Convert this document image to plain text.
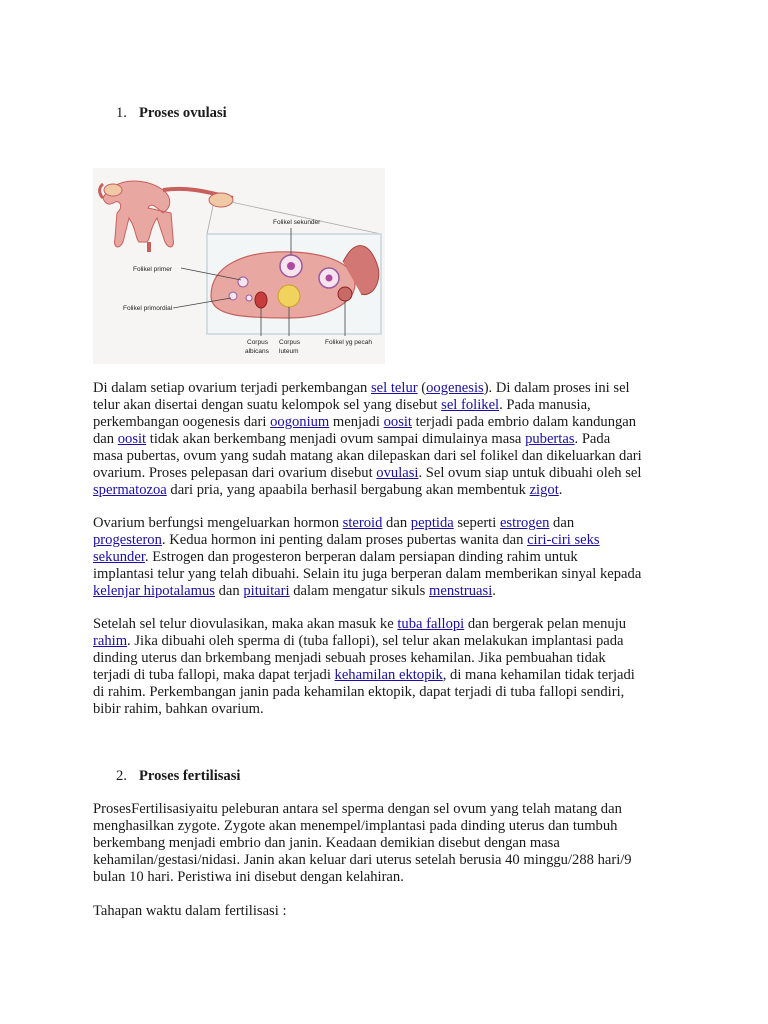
1. Proses ovulasi
Folikel sekunder
Folikel primer
Folikel primordial
Corpus
albicans
Corpus
luteum
Folikel yg pecah
Di dalam setiap ovarium terjadi perkembangan sel telur (oogenesis). Di dalam proses ini sel
telur akan disertai dengan suatu kelompok sel yang disebut sel folikel. Pada manusia,
perkembangan oogenesis dari oogonium menjadi oosit terjadi pada embrio dalam kandungan
dan oosit tidak akan berkembang menjadi ovum sampai dimulainya masa pubertas. Pada
masa pubertas, ovum yang sudah matang akan dilepaskan dari sel folikel dan dikeluarkan dari
ovarium. Proses pelepasan dari ovarium disebut ovulasi. Sel ovum siap untuk dibuahi oleh sel
spermatozoa dari pria, yang apaabila berhasil bergabung akan membentuk zigot.
Ovarium berfungsi mengeluarkan hormon steroid dan peptida seperti estrogen dan
progesteron. Kedua hormon ini penting dalam proses pubertas wanita dan ciri-ciri seks
sekunder. Estrogen dan progesteron berperan dalam persiapan dinding rahim untuk
implantasi telur yang telah dibuahi. Selain itu juga berperan dalam memberikan sinyal kepada
kelenjar hipotalamus dan pituitari dalam mengatur sikuls menstruasi.
Setelah sel telur diovulasikan, maka akan masuk ke tuba fallopi dan bergerak pelan menuju
rahim. Jika dibuahi oleh sperma di (tuba fallopi), sel telur akan melakukan implantasi pada
dinding uterus dan brkembang menjadi sebuah proses kehamilan. Jika pembuahan tidak
terjadi di tuba fallopi, maka dapat terjadi kehamilan ektopik, di mana kehamilan tidak terjadi
di rahim. Perkembangan janin pada kehamilan ektopik, dapat terjadi di tuba fallopi sendiri,
bibir rahim, bahkan ovarium.
2. Proses fertilisasi
ProsesFertilisasiyaitu peleburan antara sel sperma dengan sel ovum yang telah matang dan
menghasilkan zygote. Zygote akan menempel/implantasi pada dinding uterus dan tumbuh
berkembang menjadi embrio dan janin. Keadaan demikian disebut dengan masa
kehamilan/gestasi/nidasi. Janin akan keluar dari uterus setelah berusia 40 minggu/288 hari/9
bulan 10 hari. Peristiwa ini disebut dengan kelahiran.
Tahapan waktu dalam fertilisasi :
